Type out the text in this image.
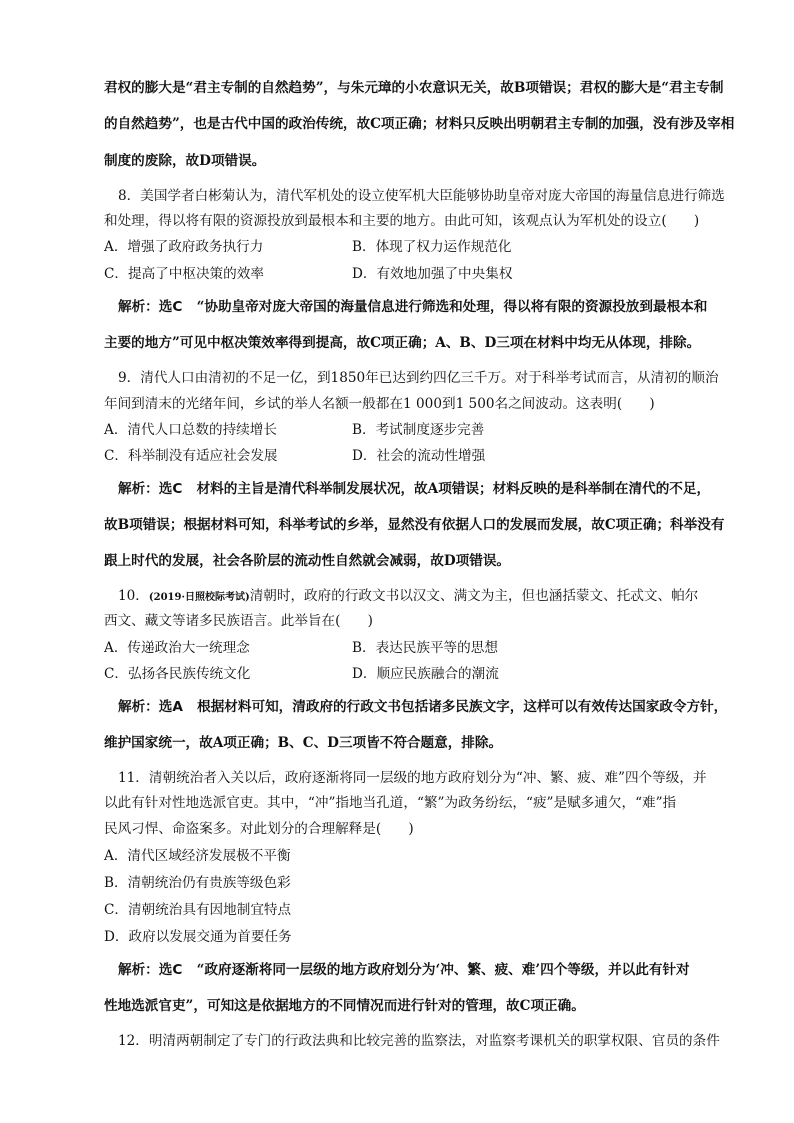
君权的膨大是“君主专制的自然趋势”，与朱元璋的小农意识无关，故B项错误；君权的膨大是“君主专制
的自然趋势”，也是古代中国的政治传统，故C项正确；材料只反映出明朝君主专制的加强，没有涉及宰相
制度的废除，故D项错误。
8．美国学者白彬菊认为，清代军机处的设立使军机大臣能够协助皇帝对庞大帝国的海量信息进行筛选
和处理，得以将有限的资源投放到最根本和主要的地方。由此可知，该观点认为军机处的设立(　　)
A．增强了政府政务执行力	B．体现了权力运作规范化
C．提高了中枢决策的效率	D．有效地加强了中央集权
解析：选C “协助皇帝对庞大帝国的海量信息进行筛选和处理，得以将有限的资源投放到最根本和
主要的地方”可见中枢决策效率得到提高，故C项正确；A、B、D三项在材料中均无从体现，排除。
9．清代人口由清初的不足一亿，到1850年已达到约四亿三千万。对于科举考试而言，从清初的顺治
年间到清末的光绪年间，乡试的举人名额一般都在1 000到1 500名之间波动。这表明(　　)
A．清代人口总数的持续增长	B．考试制度逐步完善
C．科举制没有适应社会发展	D．社会的流动性增强
解析：选C 材料的主旨是清代科举制发展状况，故A项错误；材料反映的是科举制在清代的不足，
故B项错误；根据材料可知，科举考试的乡举，显然没有依据人口的发展而发展，故C项正确；科举没有
跟上时代的发展，社会各阶层的流动性自然就会减弱，故D项错误。
10．(2019·日照校际考试)清朝时，政府的行政文书以汉文、满文为主，但也涵括蒙文、托忒文、帕尔
西文、藏文等诸多民族语言。此举旨在(　　)
A．传递政治大一统理念	B．表达民族平等的思想
C．弘扬各民族传统文化	D．顺应民族融合的潮流
解析：选A 根据材料可知，清政府的行政文书包括诸多民族文字，这样可以有效传达国家政令方针，
维护国家统一，故A项正确；B、C、D三项皆不符合题意，排除。
11．清朝统治者入关以后，政府逐渐将同一层级的地方政府划分为“冲、繁、疲、难”四个等级，并
以此有针对性地选派官吏。其中，“冲”指地当孔道，“繁”为政务纷纭，“疲”是赋多逋欠，“难”指
民风刁悍、命盗案多。对此划分的合理解释是(　　)
A．清代区域经济发展极不平衡
B．清朝统治仍有贵族等级色彩
C．清朝统治具有因地制宜特点
D．政府以发展交通为首要任务
解析：选C “政府逐渐将同一层级的地方政府划分为‘冲、繁、疲、难’四个等级，并以此有针对
性地选派官吏”，可知这是依据地方的不同情况而进行针对的管理，故C项正确。
12．明清两朝制定了专门的行政法典和比较完善的监察法，对监察考课机关的职掌权限、官员的条件
